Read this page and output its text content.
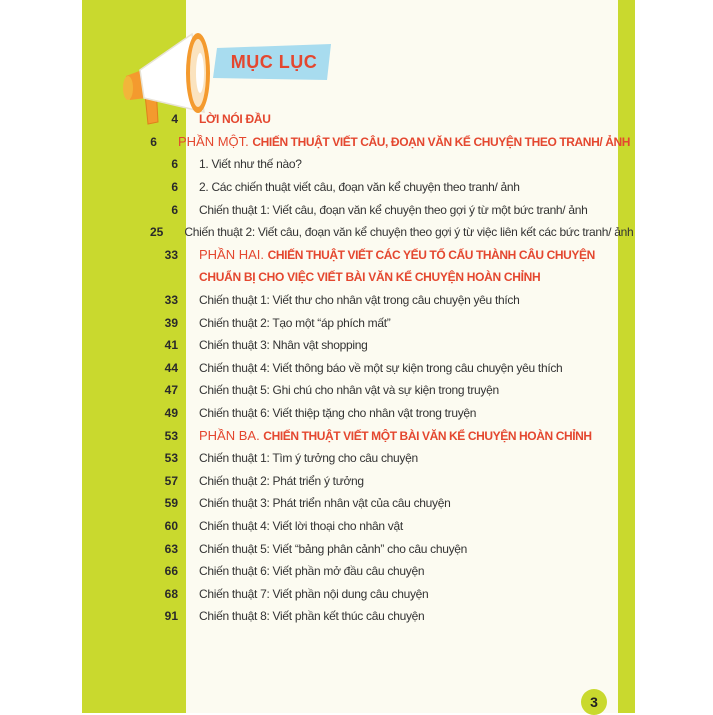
MỤC LỤC
4 LỜI NÓI ĐẦU
6 PHẦN MỘT. CHIẾN THUẬT VIẾT CÂU, ĐOẠN VĂN KỂ CHUYỆN THEO TRANH/ ẢNH
6 1. Viết như thế nào?
6 2. Các chiến thuật viết câu, đoạn văn kể chuyện theo tranh/ ảnh
6 Chiến thuật 1: Viết câu, đoạn văn kể chuyện theo gợi ý từ một bức tranh/ ảnh
25 Chiến thuật 2: Viết câu, đoạn văn kể chuyện theo gợi ý từ việc liên kết các bức tranh/ ảnh
33 PHẦN HAI. CHIẾN THUẬT VIẾT CÁC YẾU TỐ CẤU THÀNH CÂU CHUYỆN
CHUẨN BỊ CHO VIỆC VIẾT BÀI VĂN KỂ CHUYỆN HOÀN CHỈNH
33 Chiến thuật 1: Viết thư cho nhân vật trong câu chuyện yêu thích
39 Chiến thuật 2: Tạo một “áp phích mất”
41 Chiến thuật 3: Nhân vật shopping
44 Chiến thuật 4: Viết thông báo về một sự kiện trong câu chuyện yêu thích
47 Chiến thuật 5: Ghi chú cho nhân vật và sự kiện trong truyện
49 Chiến thuật 6: Viết thiệp tặng cho nhân vật trong truyện
53 PHẦN BA. CHIẾN THUẬT VIẾT MỘT BÀI VĂN KỂ CHUYỆN HOÀN CHỈNH
53 Chiến thuật 1: Tìm ý tưởng cho câu chuyện
57 Chiến thuật 2: Phát triển ý tưởng
59 Chiến thuật 3: Phát triển nhân vật của câu chuyện
60 Chiến thuật 4: Viết lời thoại cho nhân vật
63 Chiến thuật 5: Viết “bảng phân cảnh” cho câu chuyện
66 Chiến thuật 6: Viết phần mở đầu câu chuyện
68 Chiến thuật 7: Viết phần nội dung câu chuyện
91 Chiến thuật 8: Viết phần kết thúc câu chuyện
3
